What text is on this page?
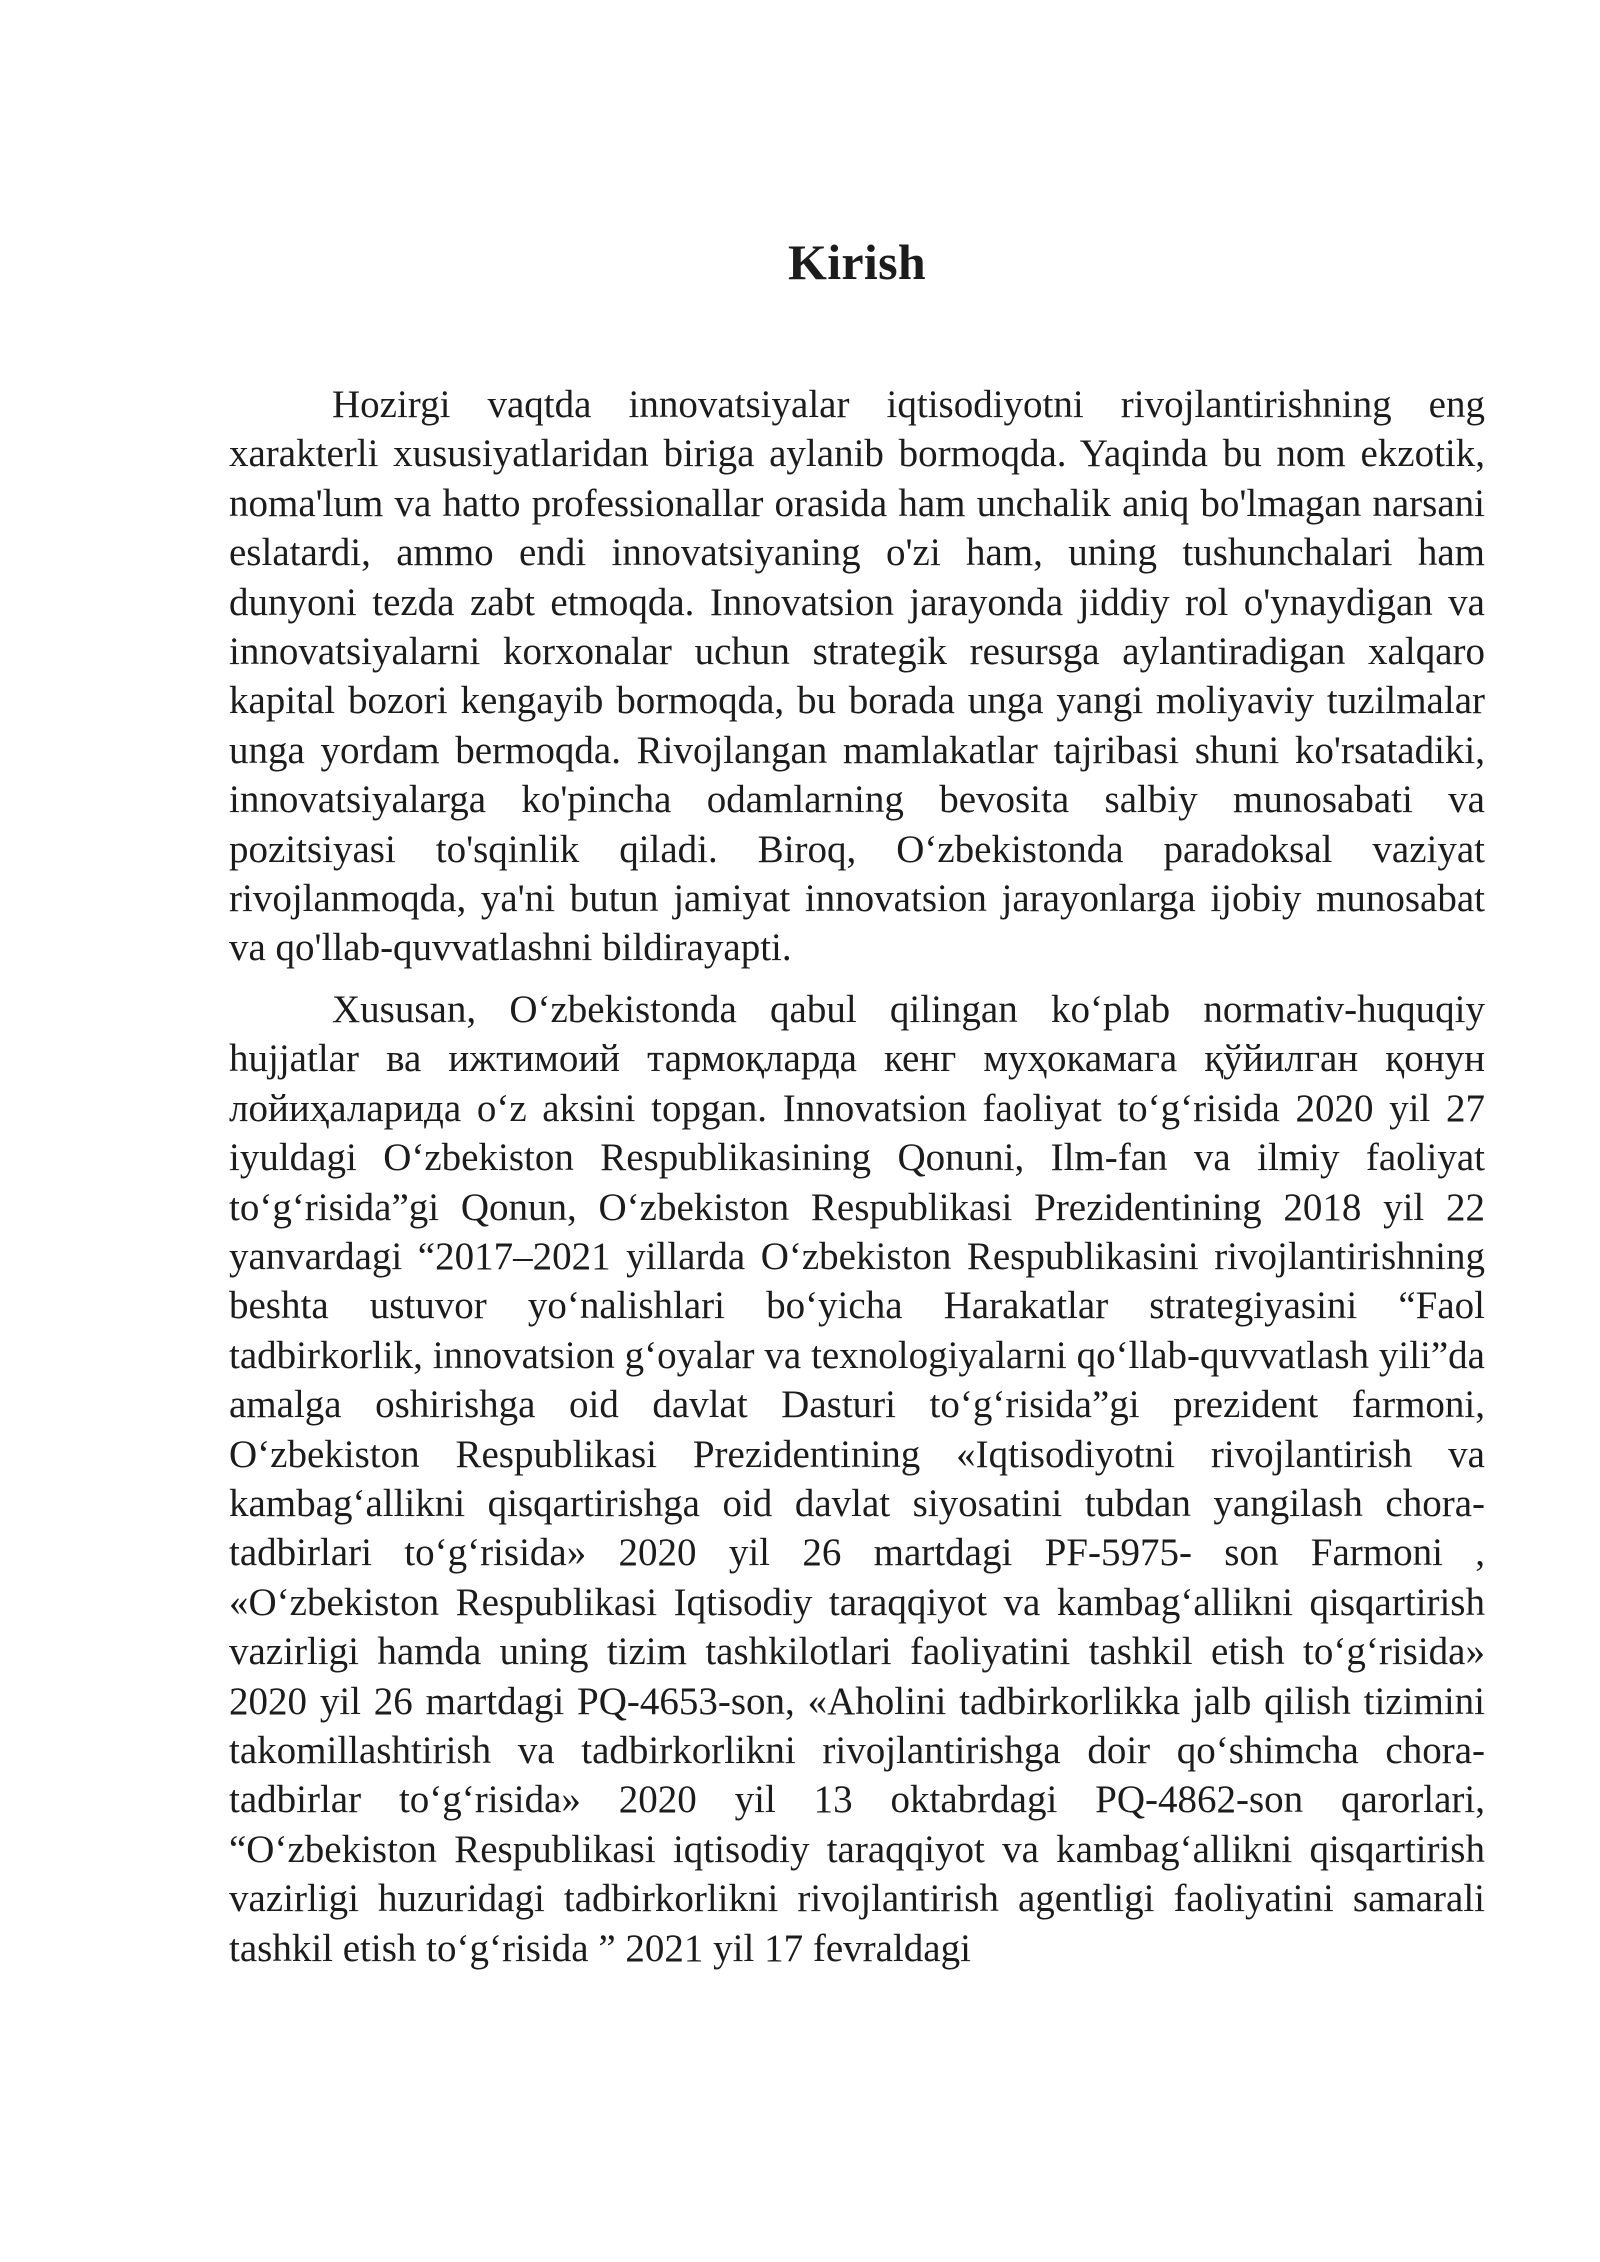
Kirish

Hozirgi vaqtda innovatsiyalar iqtisodiyotni rivojlantirishning eng xarakterli xususiyatlaridan biriga aylanib bormoqda. Yaqinda bu nom ekzotik, noma'lum va hatto professionallar orasida ham unchalik aniq bo'lmagan narsani eslatardi, ammo endi innovatsiyaning o'zi ham, uning tushunchalari ham dunyoni tezda zabt etmoqda. Innovatsion jarayonda jiddiy rol o'ynaydigan va innovatsiyalarni korxonalar uchun strategik resursga aylantiradigan xalqaro kapital bozori kengayib bormoqda, bu borada unga yangi moliyaviy tuzilmalar unga yordam bermoqda. Rivojlangan mamlakatlar tajribasi shuni ko'rsatadiki, innovatsiyalarga ko'pincha odamlarning bevosita salbiy munosabati va pozitsiyasi to'sqinlik qiladi. Biroq, O‘zbekistonda paradoksal vaziyat rivojlanmoqda, ya'ni butun jamiyat innovatsion jarayonlarga ijobiy munosabat va qo'llab-quvvatlashni bildirayapti.

Xususan, O‘zbekistonda qabul qilingan ko‘plab normativ-huquqiy hujjatlar ва ижтимоий тармоқларда кенг муҳокамага қўйилган қонун лойиҳаларида o‘z aksini topgan. Innovatsion faoliyat to‘g‘risida 2020 yil 27 iyuldagi O‘zbekiston Respublikasining Qonuni, Ilm-fan va ilmiy faoliyat to‘g‘risida”gi Qonun, O‘zbekiston Respublikasi Prezidentining 2018 yil 22 yanvardagi “2017–2021 yillarda O‘zbekiston Respublikasini rivojlantirishning beshta ustuvor yo‘nalishlari bo‘yicha Harakatlar strategiyasini “Faol tadbirkorlik, innovatsion g‘oyalar va texnologiyalarni qo‘llab-quvvatlash yili”da amalga oshirishga oid davlat Dasturi to‘g‘risida”gi prezident farmoni, O‘zbekiston Respublikasi Prezidentining «Iqtisodiyotni rivojlantirish va kambag‘allikni qisqartirishga oid davlat siyosatini tubdan yangilash chora-tadbirlari to‘g‘risida» 2020 yil 26 martdagi PF-5975- son Farmoni , «O‘zbekiston Respublikasi Iqtisodiy taraqqiyot va kambag‘allikni qisqartirish vazirligi hamda uning tizim tashkilotlari faoliyatini tashkil etish to‘g‘risida» 2020 yil 26 martdagi PQ-4653-son, «Aholini tadbirkorlikka jalb qilish tizimini takomillashtirish va tadbirkorlikni rivojlantirishga doir qo‘shimcha chora-tadbirlar to‘g‘risida» 2020 yil 13 oktabrdagi PQ-4862-son qarorlari, “O‘zbekiston Respublikasi iqtisodiy taraqqiyot va kambag‘allikni qisqartirish vazirligi huzuridagi tadbirkorlikni rivojlantirish agentligi faoliyatini samarali tashkil etish to‘g‘risida ” 2021 yil 17 fevraldagi
